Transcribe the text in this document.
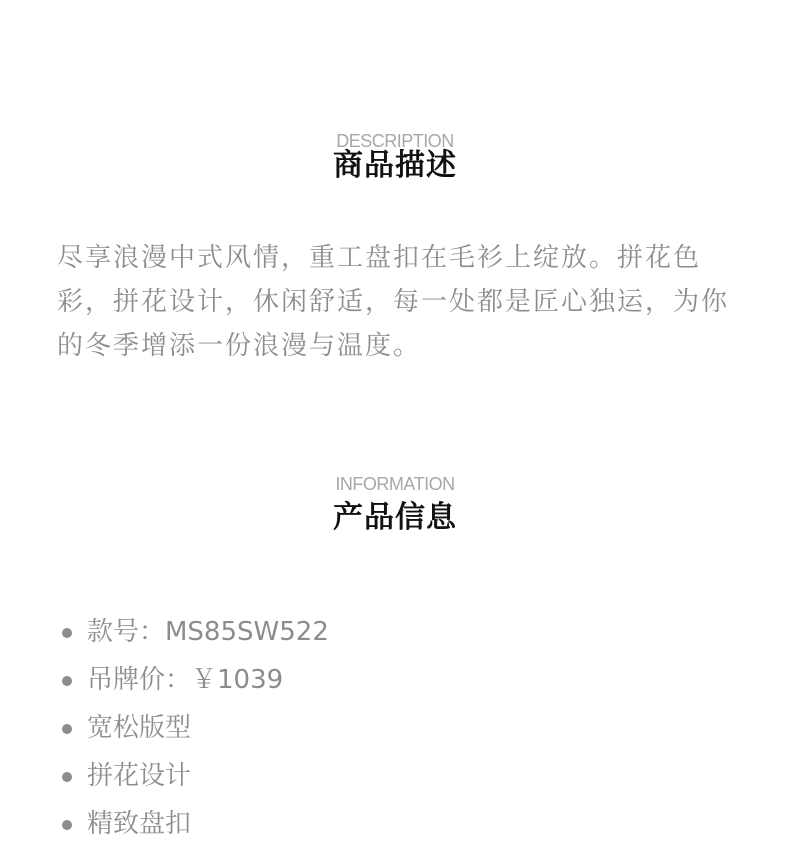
DESCRIPTION
商品描述

尽享浪漫中式风情，重工盘扣在毛衫上绽放。拼花色彩，拼花设计，休闲舒适，每一处都是匠心独运，为你的冬季增添一份浪漫与温度。

INFORMATION
产品信息
款号：MS85SW522
吊牌价：￥1039
宽松版型
拼花设计
精致盘扣
